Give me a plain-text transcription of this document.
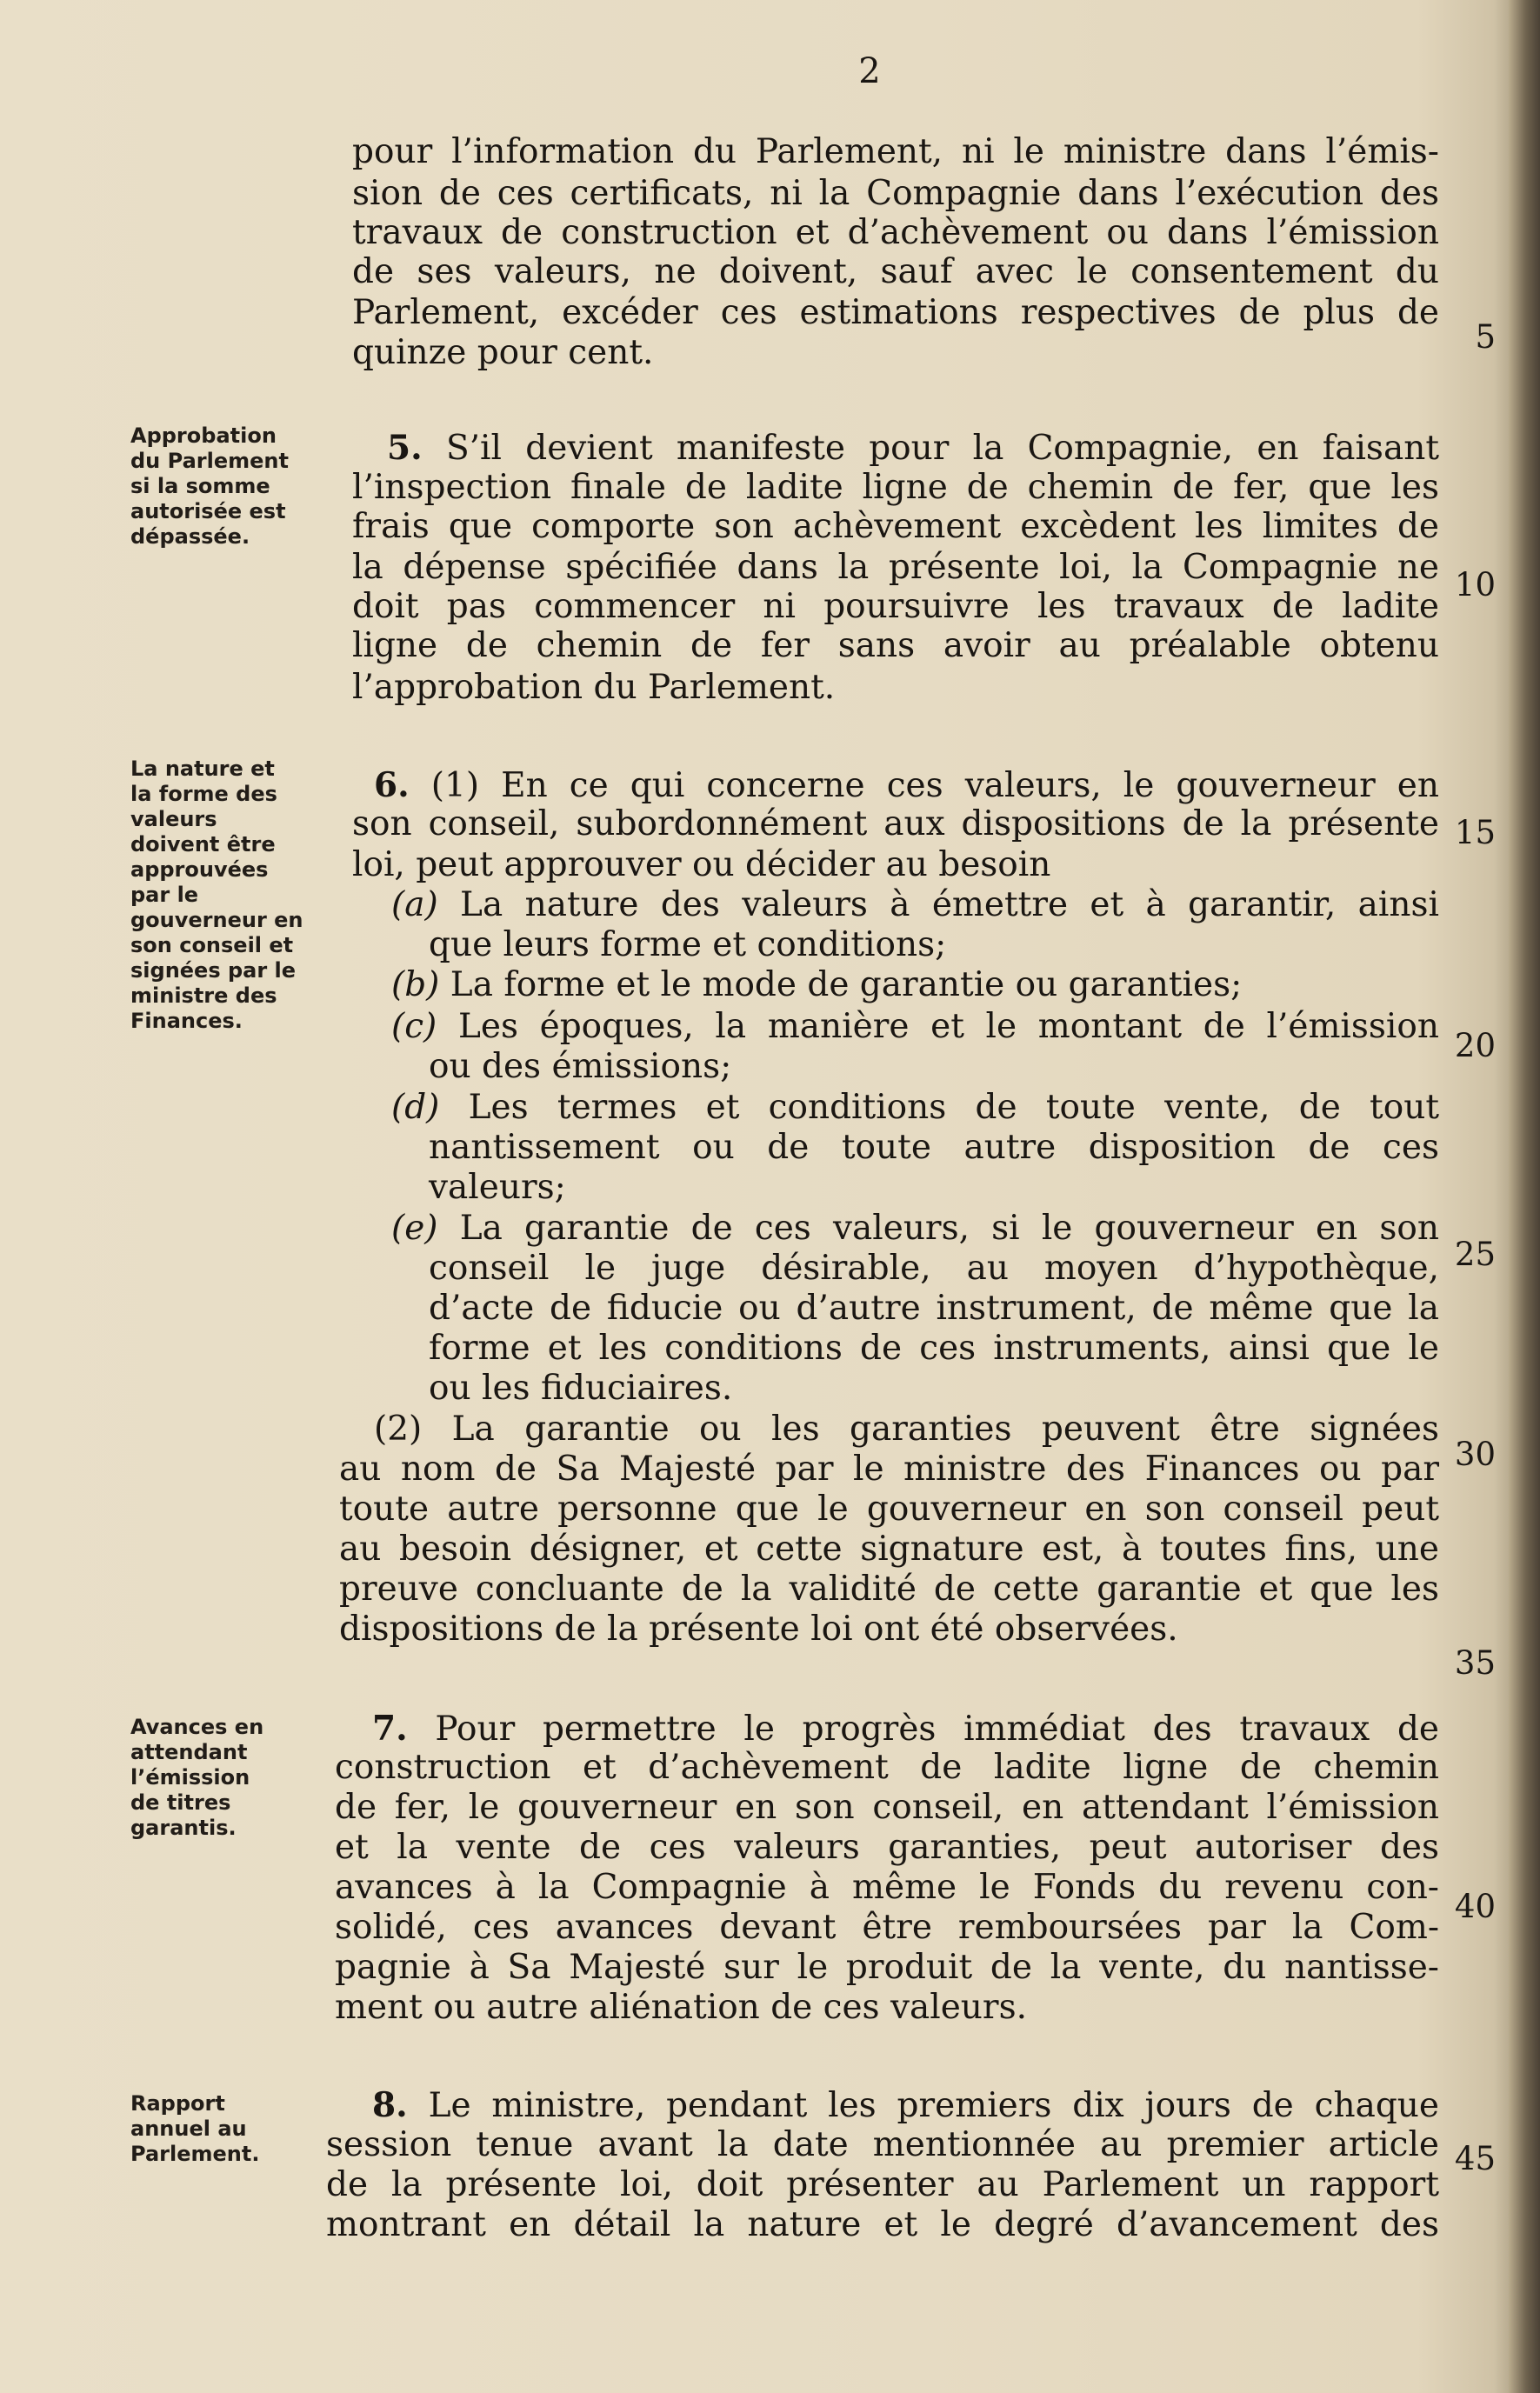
2
pour l’information du Parlement, ni le ministre dans l’émis-
sion de ces certificats, ni la Compagnie dans l’exécution des
travaux de construction et d’achèvement ou dans l’émission
de ses valeurs, ne doivent, sauf avec le consentement du
Parlement, excéder ces estimations respectives de plus de
quinze pour cent.
5. S’il devient manifeste pour la Compagnie, en faisant
l’inspection finale de ladite ligne de chemin de fer, que les
frais que comporte son achèvement excèdent les limites de
la dépense spécifiée dans la présente loi, la Compagnie ne
doit pas commencer ni poursuivre les travaux de ladite
ligne de chemin de fer sans avoir au préalable obtenu
l’approbation du Parlement.
6. (1) En ce qui concerne ces valeurs, le gouverneur en
son conseil, subordonnément aux dispositions de la présente
loi, peut approuver ou décider au besoin
(a) La nature des valeurs à émettre et à garantir, ainsi
que leurs forme et conditions;
(b) La forme et le mode de garantie ou garanties;
(c) Les époques, la manière et le montant de l’émission
ou des émissions;
(d) Les termes et conditions de toute vente, de tout
nantissement ou de toute autre disposition de ces
valeurs;
(e) La garantie de ces valeurs, si le gouverneur en son
conseil le juge désirable, au moyen d’hypothèque,
d’acte de fiducie ou d’autre instrument, de même que la
forme et les conditions de ces instruments, ainsi que le
ou les fiduciaires.
(2) La garantie ou les garanties peuvent être signées
au nom de Sa Majesté par le ministre des Finances ou par
toute autre personne que le gouverneur en son conseil peut
au besoin désigner, et cette signature est, à toutes fins, une
preuve concluante de la validité de cette garantie et que les
dispositions de la présente loi ont été observées.
7. Pour permettre le progrès immédiat des travaux de
construction et d’achèvement de ladite ligne de chemin
de fer, le gouverneur en son conseil, en attendant l’émission
et la vente de ces valeurs garanties, peut autoriser des
avances à la Compagnie à même le Fonds du revenu con-
solidé, ces avances devant être remboursées par la Com-
pagnie à Sa Majesté sur le produit de la vente, du nantisse-
ment ou autre aliénation de ces valeurs.
8. Le ministre, pendant les premiers dix jours de chaque
session tenue avant la date mentionnée au premier article
de la présente loi, doit présenter au Parlement un rapport
montrant en détail la nature et le degré d’avancement des
5
10
15
20
25
30
35
40
45
Approbation
du Parlement
si la somme
autorisée est
dépassée.
La nature et
la forme des
valeurs
doivent être
approuvées
par le
gouverneur en
son conseil et
signées par le
ministre des
Finances.
Avances en
attendant
l’émission
de titres
garantis.
Rapport
annuel au
Parlement.
